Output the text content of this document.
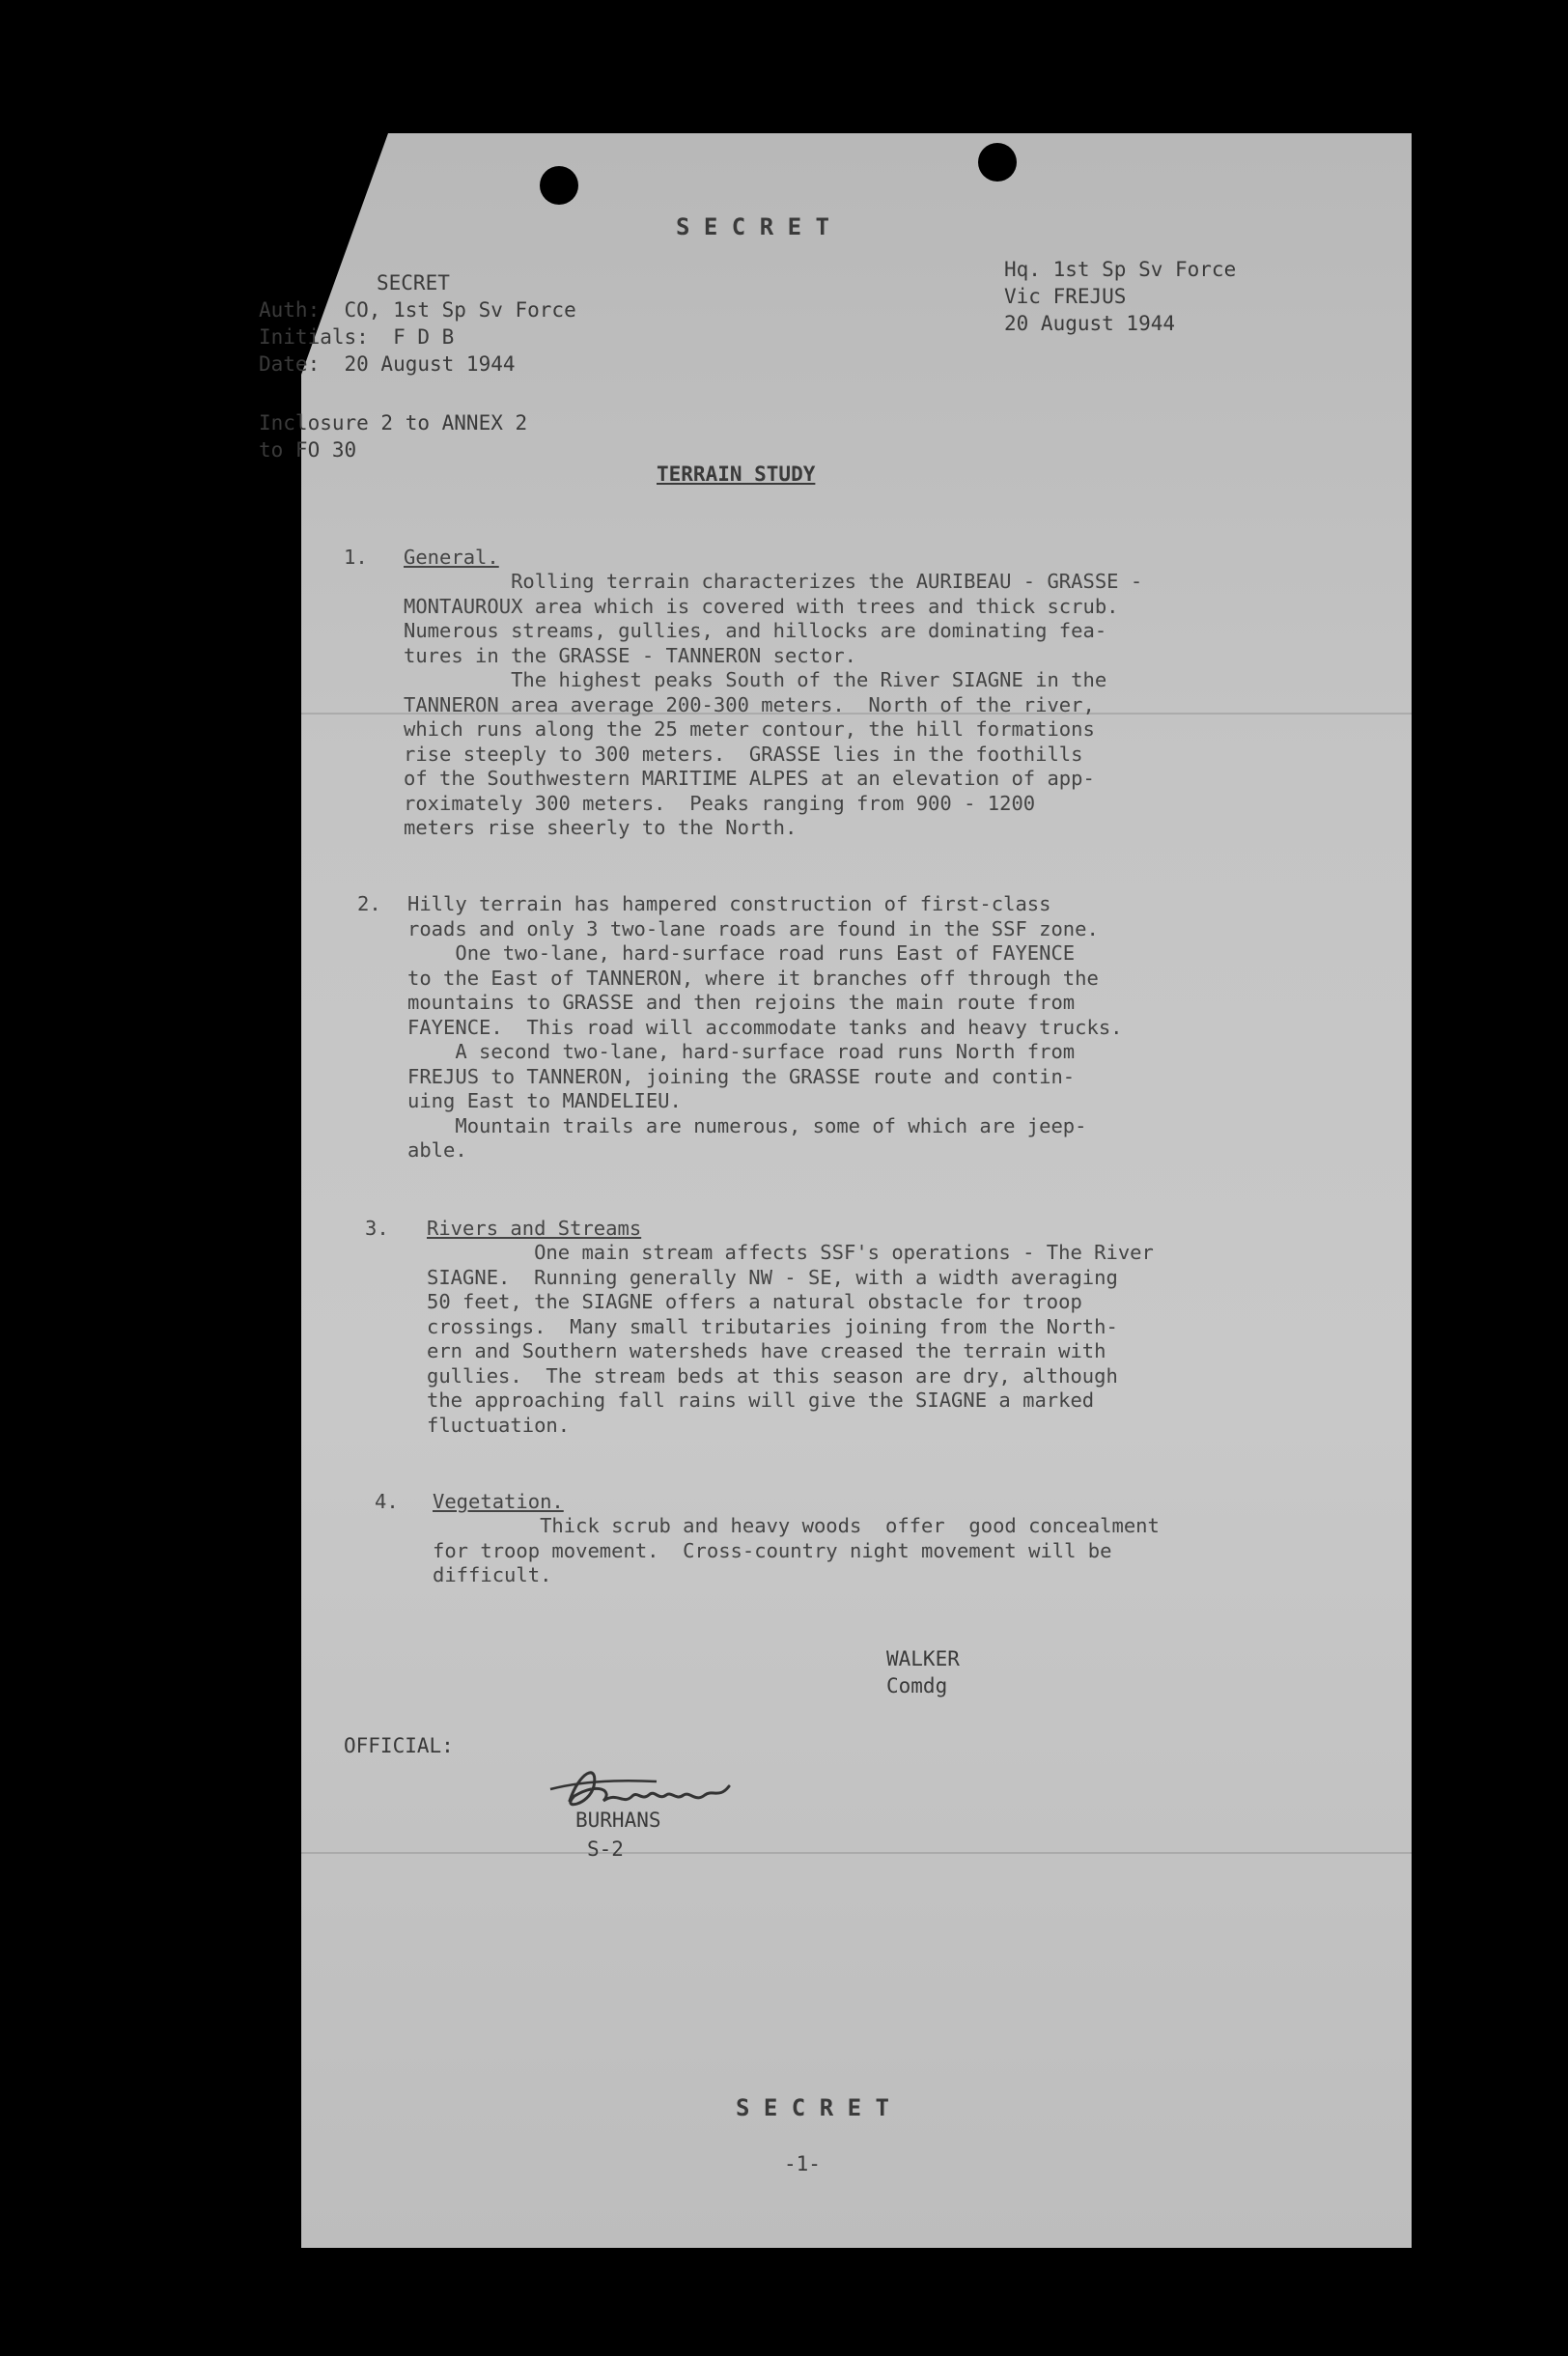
S E C R E T
SECRET
Auth:  CO, 1st Sp Sv Force
Initials:  F D B
Date:  20 August 1944
Hq. 1st Sp Sv Force
Vic FREJUS
20 August 1944
Inclosure 2 to ANNEX 2
to FO 30
TERRAIN STUDY
1. General.
Rolling terrain characterizes the AURIBEAU - GRASSE -
MONTAUROUX area which is covered with trees and thick scrub.
Numerous streams, gullies, and hillocks are dominating fea-
tures in the GRASSE - TANNERON sector.
The highest peaks South of the River SIAGNE in the
TANNERON area average 200-300 meters.  North of the river,
which runs along the 25 meter contour, the hill formations
rise steeply to 300 meters.  GRASSE lies in the foothills
of the Southwestern MARITIME ALPES at an elevation of app-
roximately 300 meters.  Peaks ranging from 900 - 1200
meters rise sheerly to the North.
2. Hilly terrain has hampered construction of first-class
roads and only 3 two-lane roads are found in the SSF zone.
One two-lane, hard-surface road runs East of FAYENCE
to the East of TANNERON, where it branches off through the
mountains to GRASSE and then rejoins the main route from
FAYENCE.  This road will accommodate tanks and heavy trucks.
A second two-lane, hard-surface road runs North from
FREJUS to TANNERON, joining the GRASSE route and contin-
uing East to MANDELIEU.
Mountain trails are numerous, some of which are jeep-
able.
3. Rivers and Streams
One main stream affects SSF's operations - The River
SIAGNE.  Running generally NW - SE, with a width averaging
50 feet, the SIAGNE offers a natural obstacle for troop
crossings.  Many small tributaries joining from the North-
ern and Southern watersheds have creased the terrain with
gullies.  The stream beds at this season are dry, although
the approaching fall rains will give the SIAGNE a marked
fluctuation.
4. Vegetation.
Thick scrub and heavy woods  offer  good concealment
for troop movement.  Cross-country night movement will be
difficult.
WALKER
Comdg
OFFICIAL:
BURHANS
S-2
S E C R E T
-1-
